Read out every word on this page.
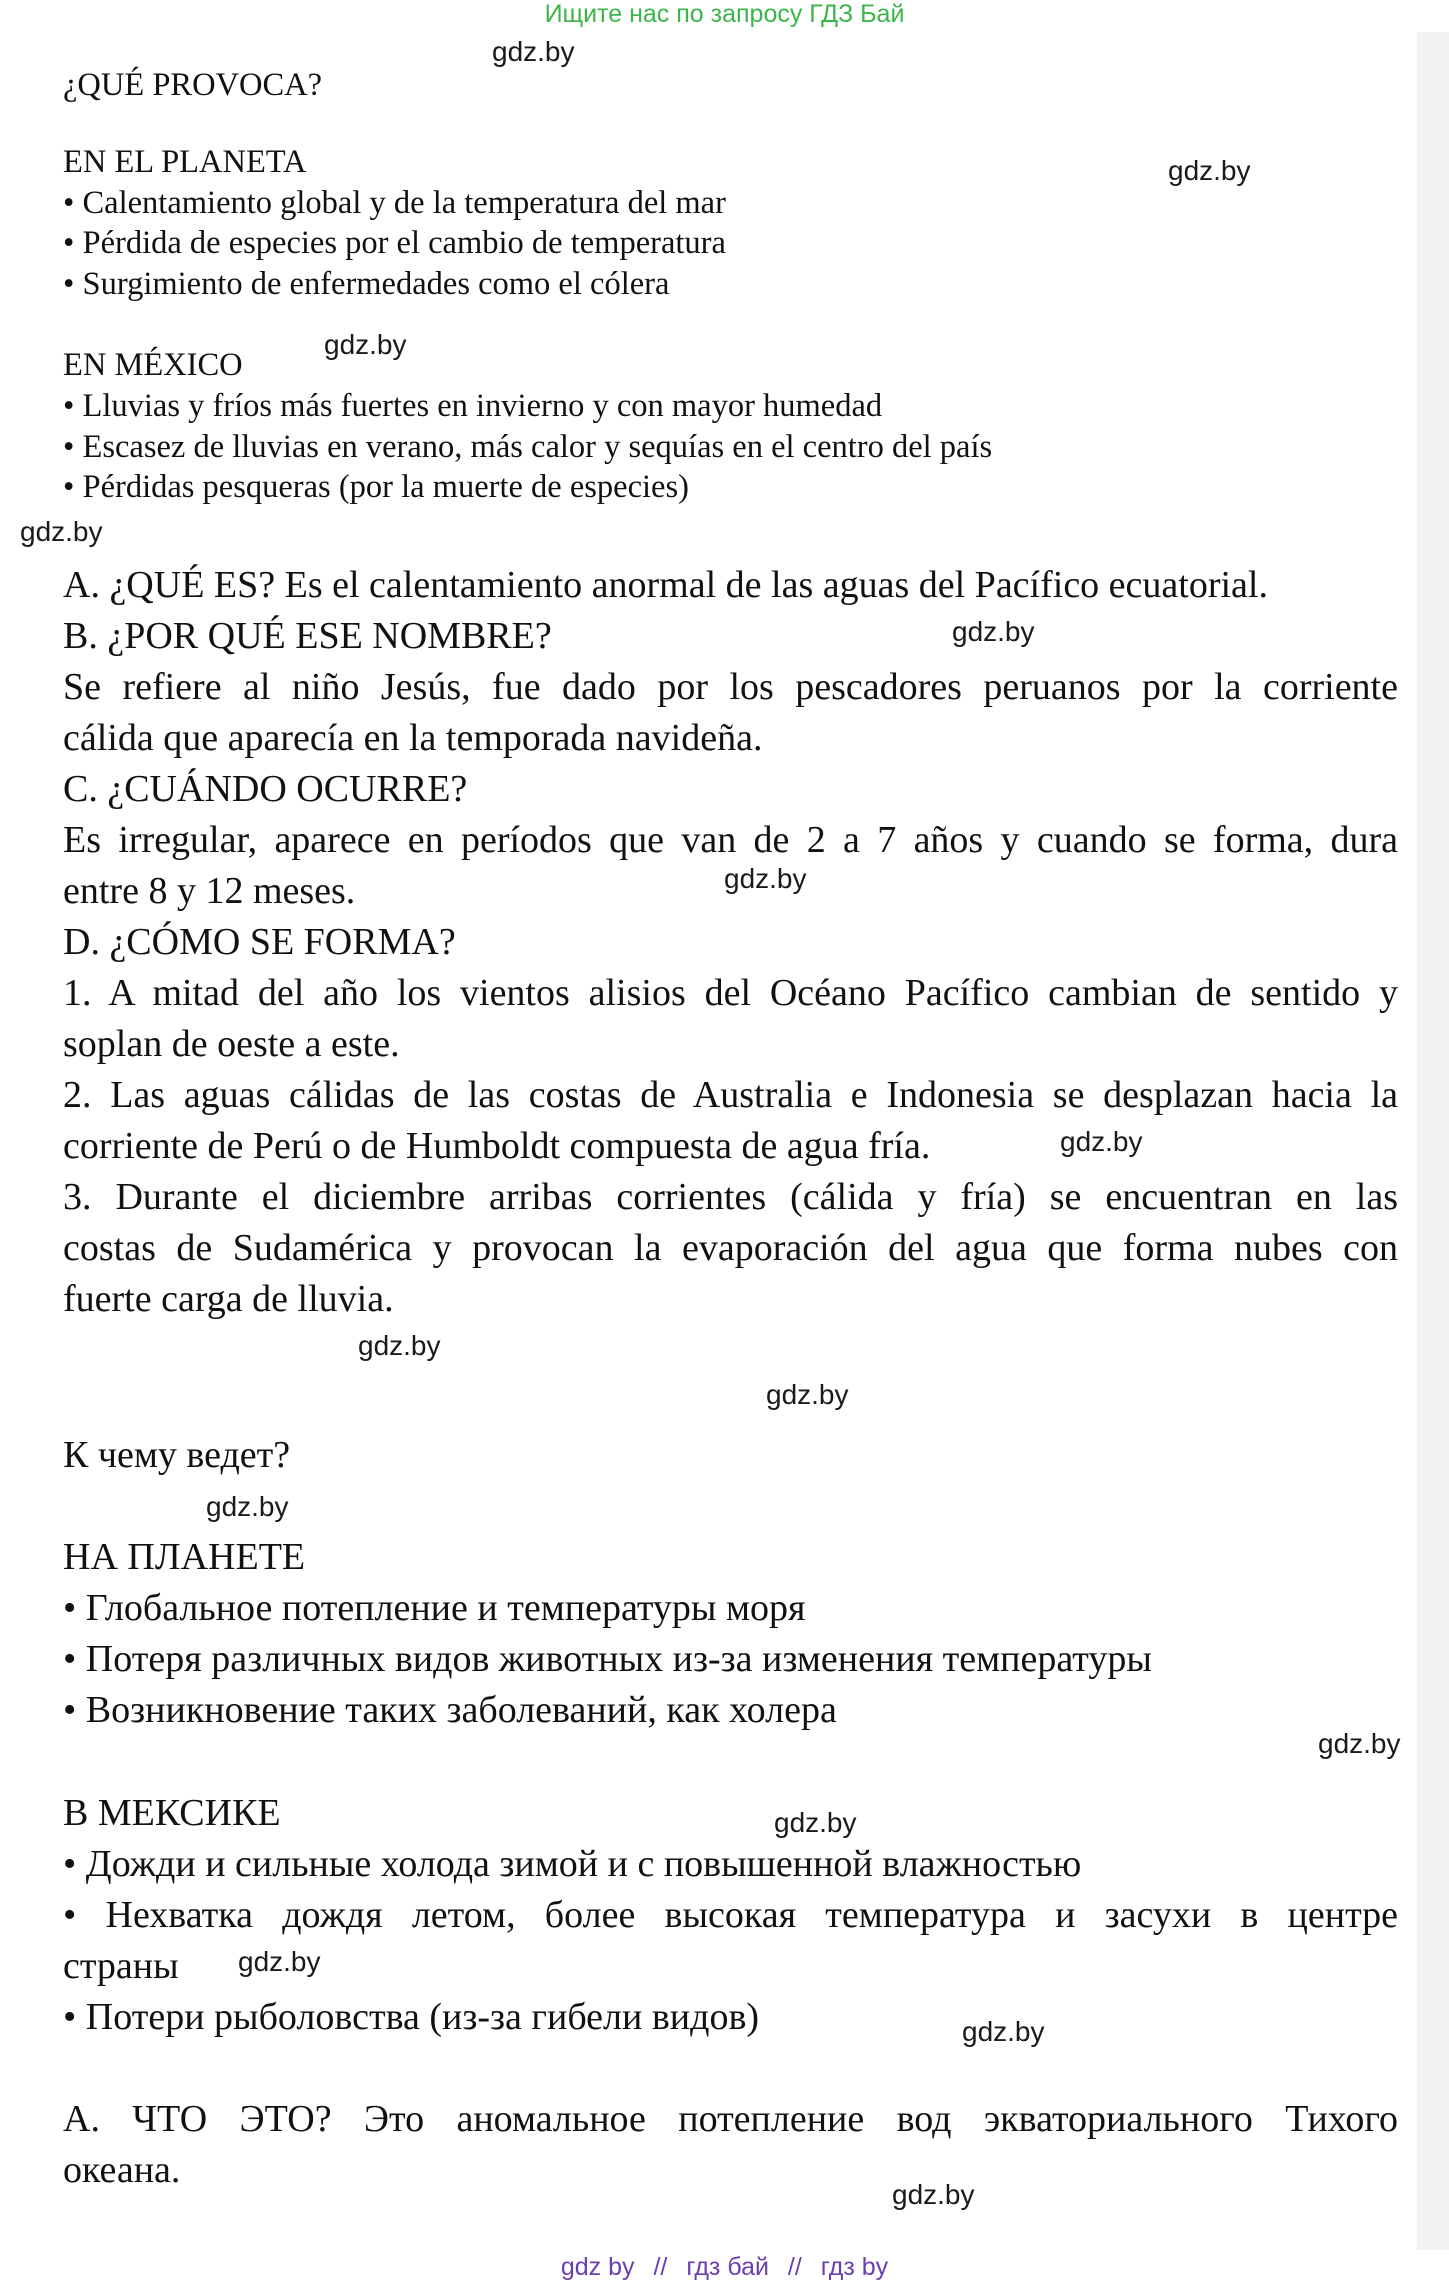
Ищите нас по запросу ГДЗ Бай
¿QUÉ PROVOCA?
EN EL PLANETA
• Calentamiento global y de la temperatura del mar
• Pérdida de especies por el cambio de temperatura
• Surgimiento de enfermedades como el cólera
EN MÉXICO
• Lluvias y fríos más fuertes en invierno y con mayor humedad
• Escasez de lluvias en verano, más calor y sequías en el centro del país
• Pérdidas pesqueras (por la muerte de especies)
A. ¿QUÉ ES? Es el calentamiento anormal de las aguas del Pacífico ecuatorial.
B. ¿POR QUÉ ESE NOMBRE?
Se refiere al niño Jesús, fue dado por los pescadores peruanos por la corriente
cálida que aparecía en la temporada navideña.
C. ¿CUÁNDO OCURRE?
Es irregular, aparece en períodos que van de 2 a 7 años y cuando se forma, dura
entre 8 y 12 meses.
D. ¿CÓMO SE FORMA?
1. A mitad del año los vientos alisios del Océano Pacífico cambian de sentido y
soplan de oeste a este.
2. Las aguas cálidas de las costas de Australia e Indonesia se desplazan hacia la
corriente de Perú o de Humboldt compuesta de agua fría.
3. Durante el diciembre arribas corrientes (cálida y fría) se encuentran en las
costas de Sudamérica y provocan la evaporación del agua que forma nubes con
fuerte carga de lluvia.
К чему ведет?
НА ПЛАНЕТЕ
• Глобальное потепление и температуры моря
• Потеря различных видов животных из-за изменения температуры
• Возникновение таких заболеваний, как холера
В МЕКСИКЕ
• Дожди и сильные холода зимой и с повышенной влажностью
• Нехватка дождя летом, более высокая температура и засухи в центре
страны
• Потери рыболовства (из-за гибели видов)
А. ЧТО ЭТО? Это аномальное потепление вод экваториального Тихого
океана.
gdz.by
gdz.by
gdz.by
gdz.by
gdz.by
gdz.by
gdz.by
gdz.by
gdz.by
gdz.by
gdz.by
gdz.by
gdz.by
gdz.by
gdz.by
gdz by // гдз бай // гдз by
